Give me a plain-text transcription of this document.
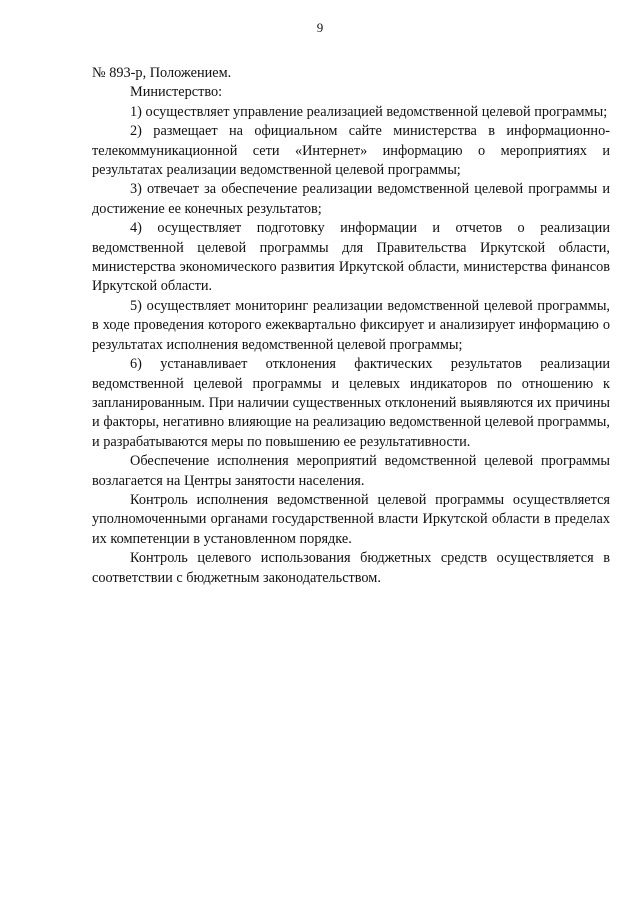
9

№ 893-р, Положением.

Министерство:

1) осуществляет управление реализацией ведомственной целевой программы;

2) размещает на официальном сайте министерства в информационно-телекоммуникационной сети «Интернет» информацию о мероприятиях и результатах реализации ведомственной целевой программы;

3) отвечает за обеспечение реализации ведомственной целевой программы и достижение ее конечных результатов;

4) осуществляет подготовку информации и отчетов о реализации ведомственной целевой программы для Правительства Иркутской области, министерства экономического развития Иркутской области, министерства финансов Иркутской области.

5) осуществляет мониторинг реализации ведомственной целевой программы, в ходе проведения которого ежеквартально фиксирует и анализирует информацию о результатах исполнения ведомственной целевой программы;

6) устанавливает отклонения фактических результатов реализации ведомственной целевой программы и целевых индикаторов по отношению к запланированным. При наличии существенных отклонений выявляются их причины и факторы, негативно влияющие на реализацию ведомственной целевой программы, и разрабатываются меры по повышению ее результативности.

Обеспечение исполнения мероприятий ведомственной целевой программы возлагается на Центры занятости населения.

Контроль исполнения ведомственной целевой программы осуществляется уполномоченными органами государственной власти Иркутской области в пределах их компетенции в установленном порядке.

Контроль целевого использования бюджетных средств осуществляется в соответствии с бюджетным законодательством.
